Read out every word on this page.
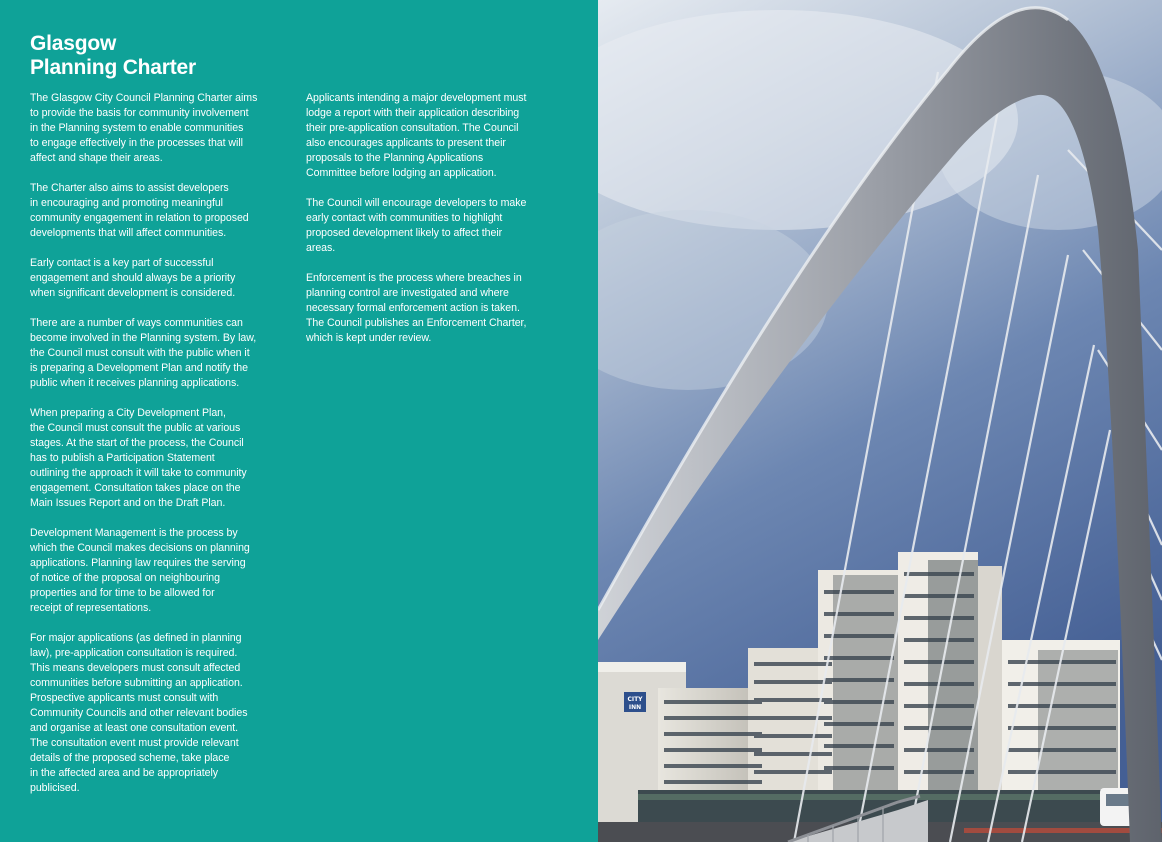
Glasgow
Planning Charter

The Glasgow City Council Planning Charter aims
to provide the basis for community involvement
in the Planning system to enable communities
to engage effectively in the processes that will
affect and shape their areas.

The Charter also aims to assist developers
in encouraging and promoting meaningful
community engagement in relation to proposed
developments that will affect communities.

Early contact is a key part of successful
engagement and should always be a priority
when significant development is considered.

There are a number of ways communities can
become involved in the Planning system. By law,
the Council must consult with the public when it
is preparing a Development Plan and notify the
public when it receives planning applications.

When preparing a City Development Plan,
the Council must consult the public at various
stages. At the start of the process, the Council
has to publish a Participation Statement
outlining the approach it will take to community
engagement. Consultation takes place on the
Main Issues Report and on the Draft Plan.

Development Management is the process by
which the Council makes decisions on planning
applications. Planning law requires the serving
of notice of the proposal on neighbouring
properties and for time to be allowed for
receipt of representations.

For major applications (as defined in planning
law), pre-application consultation is required.
This means developers must consult affected
communities before submitting an application.
Prospective applicants must consult with
Community Councils and other relevant bodies
and organise at least one consultation event.
The consultation event must provide relevant
details of the proposed scheme, take place
in the affected area and be appropriately
publicised.

Applicants intending a major development must
lodge a report with their application describing
their pre-application consultation. The Council
also encourages applicants to present their
proposals to the Planning Applications
Committee before lodging an application.

The Council will encourage developers to make
early contact with communities to highlight
proposed development likely to affect their
areas.

Enforcement is the process where breaches in
planning control are investigated and where
necessary formal enforcement action is taken.
The Council publishes an Enforcement Charter,
which is kept under review.

CITY
INN
